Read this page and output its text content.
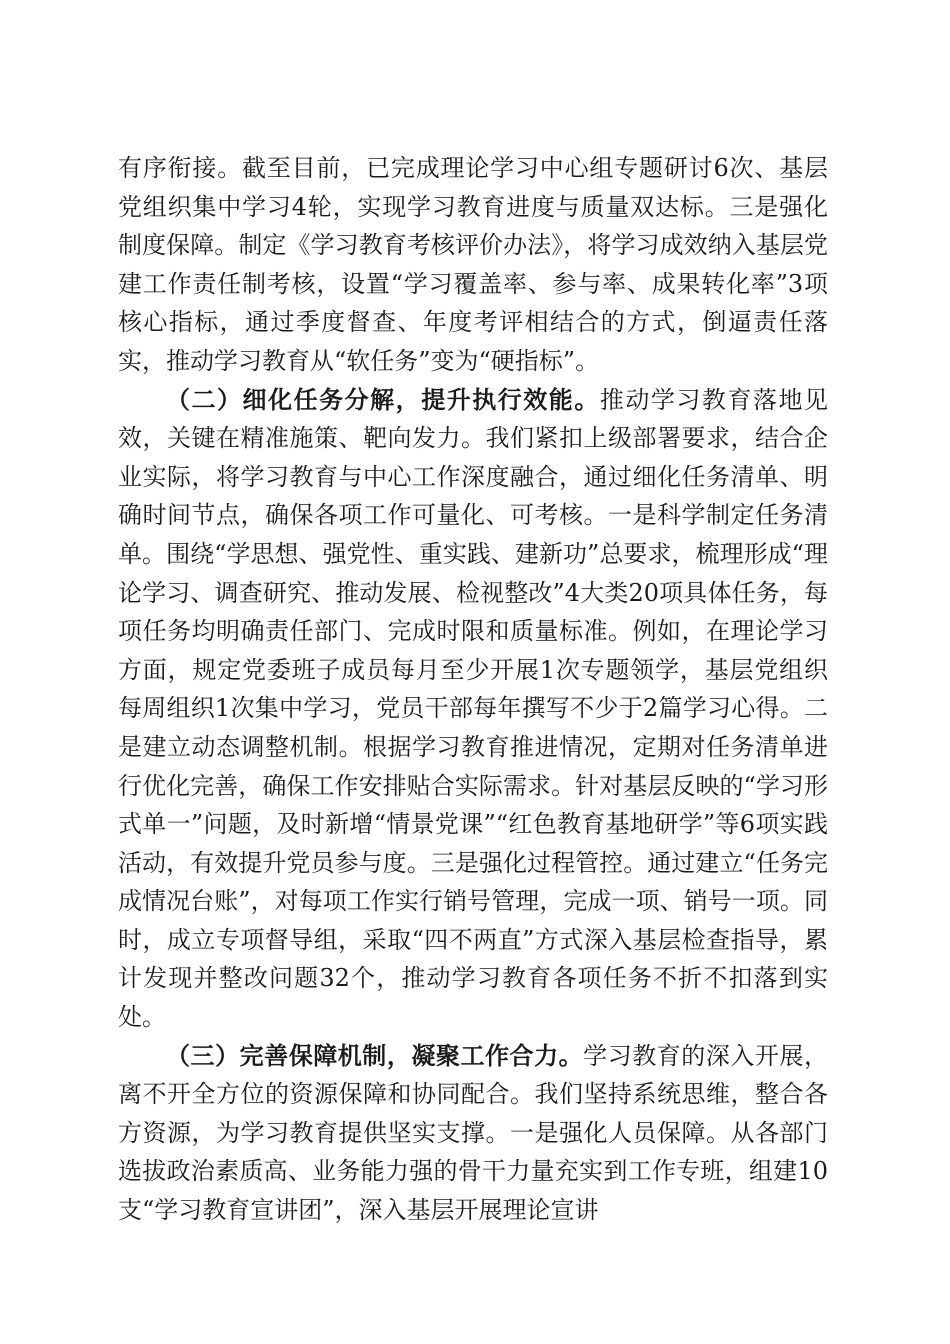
有序衔接。截至目前，已完成理论学习中心组专题研讨6次、基层党组织集中学习4轮，实现学习教育进度与质量双达标。三是强化制度保障。制定《学习教育考核评价办法》，将学习成效纳入基层党建工作责任制考核，设置“学习覆盖率、参与率、成果转化率”3项核心指标，通过季度督查、年度考评相结合的方式，倒逼责任落实，推动学习教育从“软任务”变为“硬指标”。

（二）细化任务分解，提升执行效能。推动学习教育落地见效，关键在精准施策、靶向发力。我们紧扣上级部署要求，结合企业实际，将学习教育与中心工作深度融合，通过细化任务清单、明确时间节点，确保各项工作可量化、可考核。一是科学制定任务清单。围绕“学思想、强党性、重实践、建新功”总要求，梳理形成“理论学习、调查研究、推动发展、检视整改”4大类20项具体任务，每项任务均明确责任部门、完成时限和质量标准。例如，在理论学习方面，规定党委班子成员每月至少开展1次专题领学，基层党组织每周组织1次集中学习，党员干部每年撰写不少于2篇学习心得。二是建立动态调整机制。根据学习教育推进情况，定期对任务清单进行优化完善，确保工作安排贴合实际需求。针对基层反映的“学习形式单一”问题，及时新增“情景党课”“红色教育基地研学”等6项实践活动，有效提升党员参与度。三是强化过程管控。通过建立“任务完成情况台账”，对每项工作实行销号管理，完成一项、销号一项。同时，成立专项督导组，采取“四不两直”方式深入基层检查指导，累计发现并整改问题32个，推动学习教育各项任务不折不扣落到实处。

（三）完善保障机制，凝聚工作合力。学习教育的深入开展，离不开全方位的资源保障和协同配合。我们坚持系统思维，整合各方资源，为学习教育提供坚实支撑。一是强化人员保障。从各部门选拔政治素质高、业务能力强的骨干力量充实到工作专班，组建10支“学习教育宣讲团”，深入基层开展理论宣讲
